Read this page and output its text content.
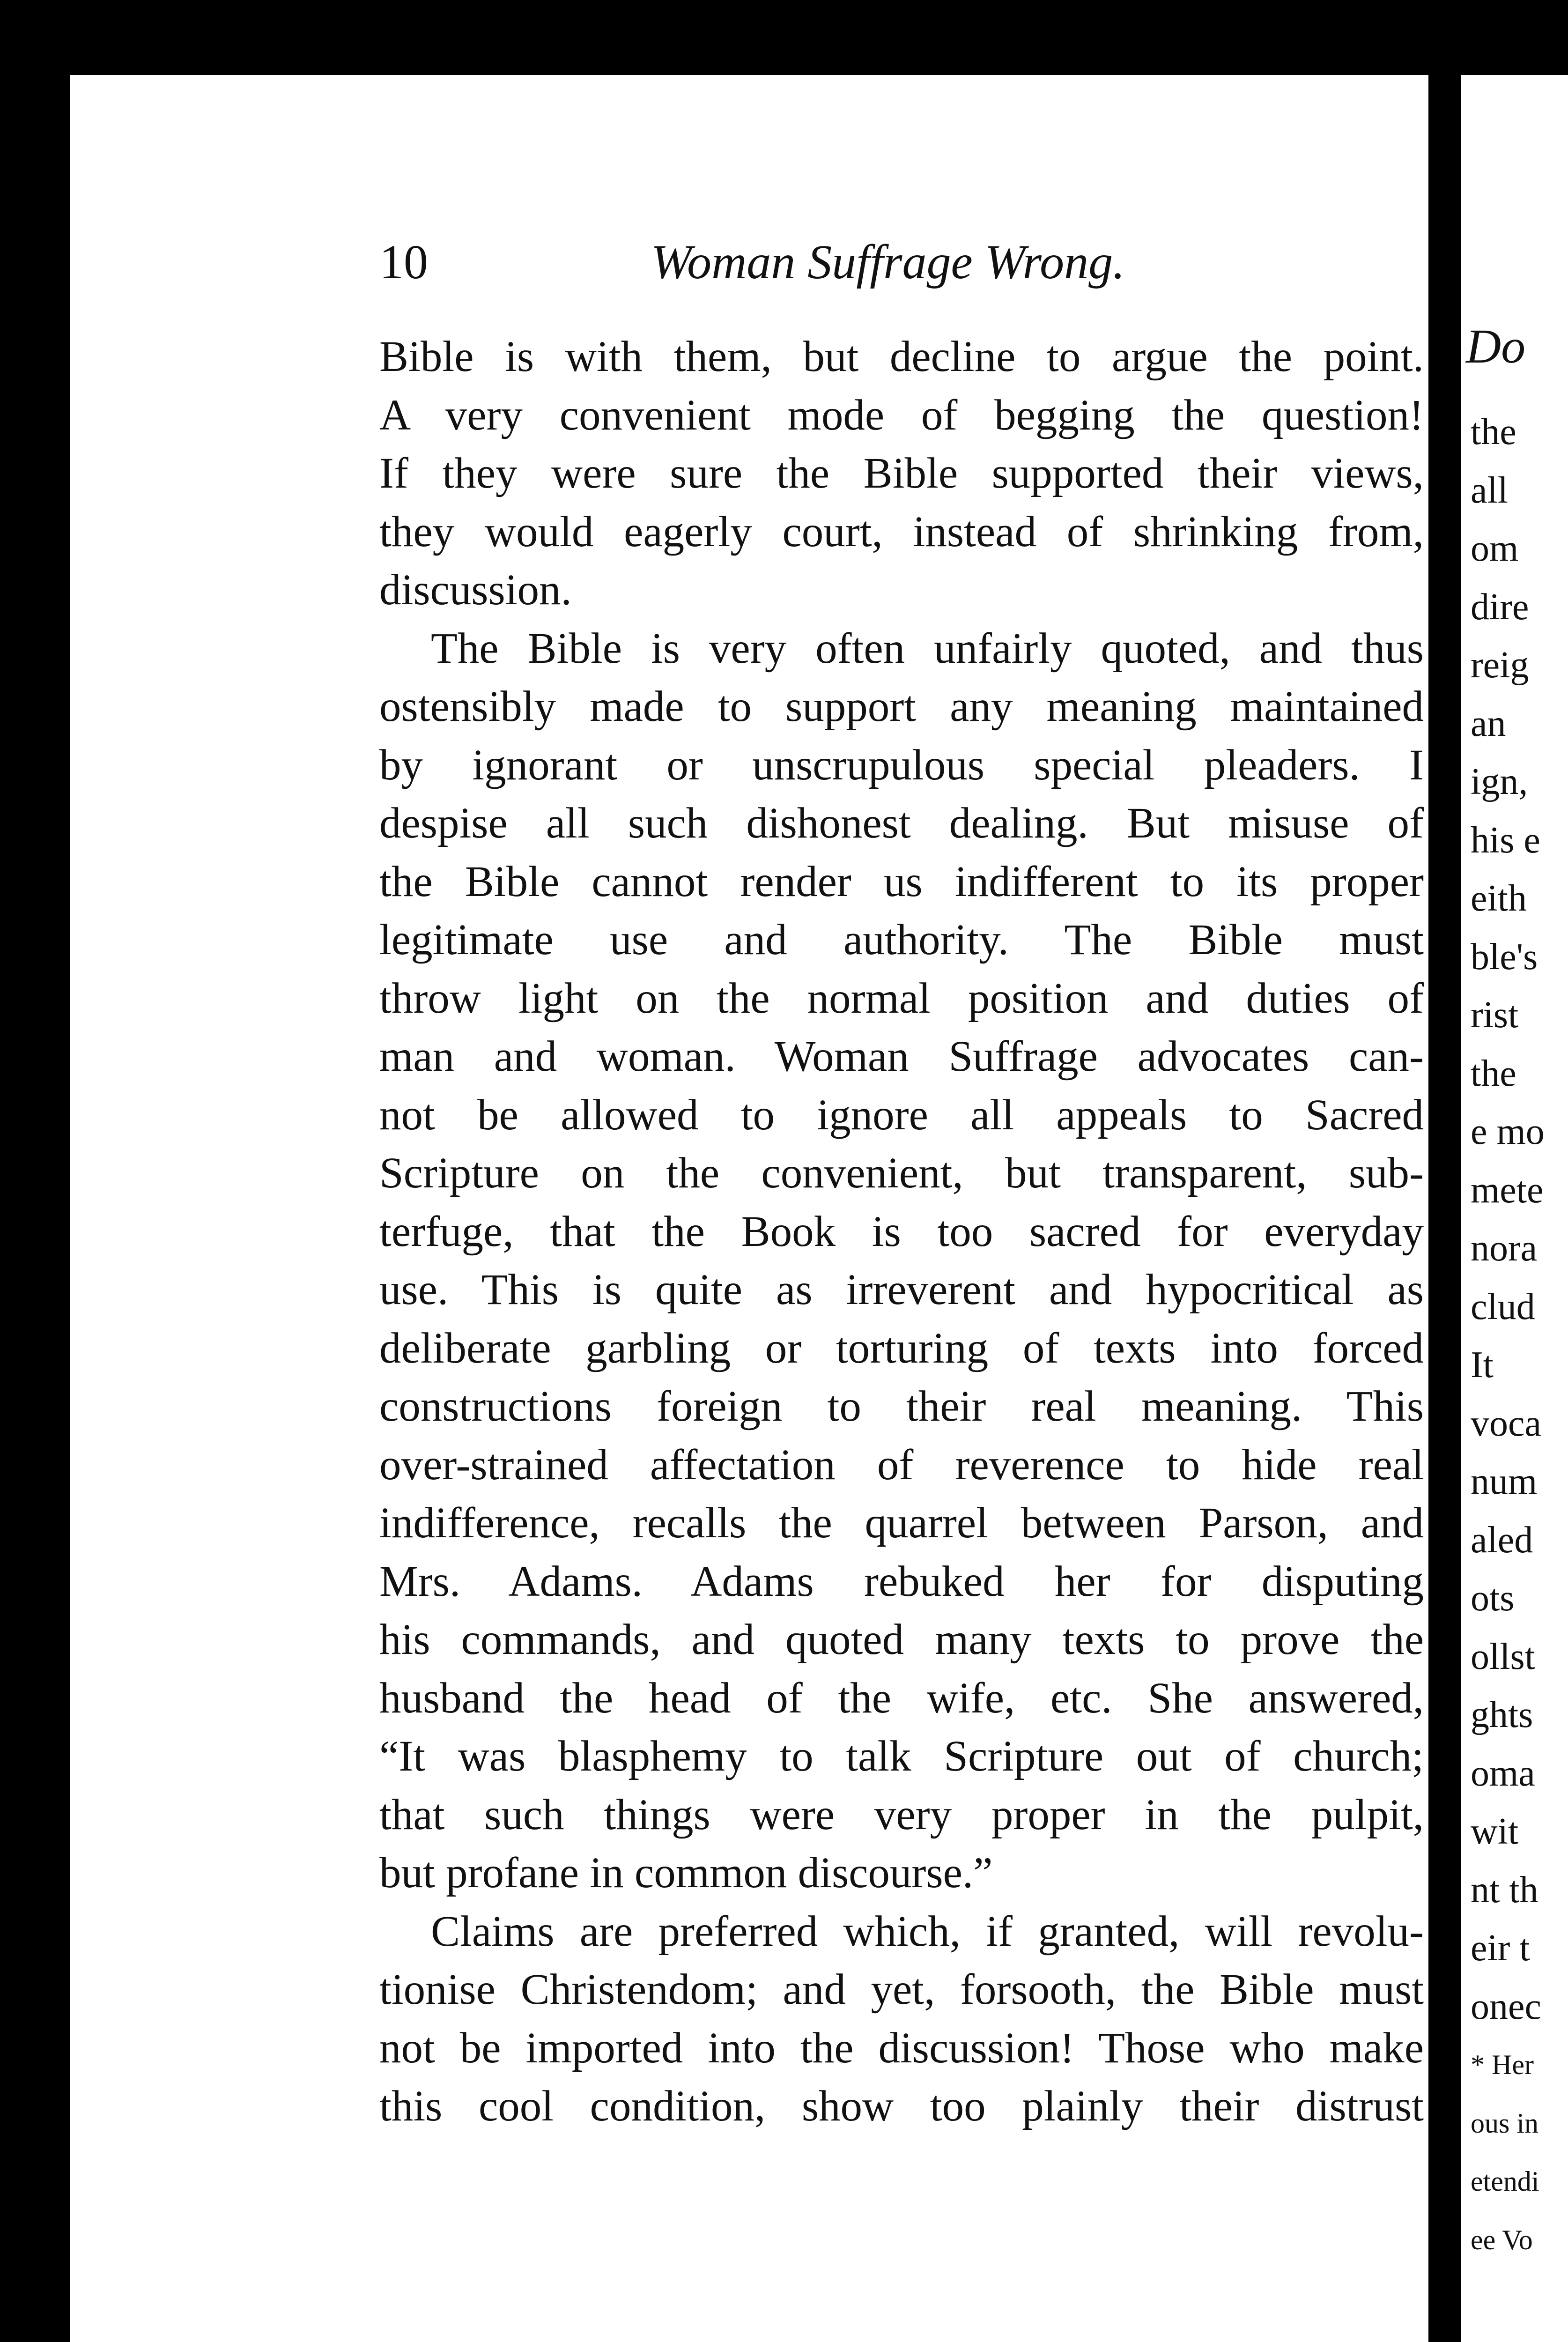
Do
the
all
om
dire
reig
an
ign,
his e
eith
ble's
rist
the
e mo
mete
nora
clud
It
voca
num
aled
ots
ollst
ghts
oma
wit
nt th
eir t
onec
* Her
ous in
etendi
ee Vo
10	Woman Suffrage Wrong.
Bible is with them, but decline to argue the point.
A very convenient mode of begging the question!
If they were sure the Bible supported their views,
they would eagerly court, instead of shrinking from,
discussion.
The Bible is very often unfairly quoted, and thus
ostensibly made to support any meaning maintained
by ignorant or unscrupulous special pleaders. I
despise all such dishonest dealing. But misuse of
the Bible cannot render us indifferent to its proper
legitimate use and authority. The Bible must
throw light on the normal position and duties of
man and woman. Woman Suffrage advocates can-
not be allowed to ignore all appeals to Sacred
Scripture on the convenient, but transparent, sub-
terfuge, that the Book is too sacred for everyday
use. This is quite as irreverent and hypocritical as
deliberate garbling or torturing of texts into forced
constructions foreign to their real meaning. This
over-strained affectation of reverence to hide real
indifference, recalls the quarrel between Parson, and
Mrs. Adams. Adams rebuked her for disputing
his commands, and quoted many texts to prove the
husband the head of the wife, etc. She answered,
“It was blasphemy to talk Scripture out of church;
that such things were very proper in the pulpit,
but profane in common discourse.”
Claims are preferred which, if granted, will revolu-
tionise Christendom; and yet, forsooth, the Bible must
not be imported into the discussion! Those who make
this cool condition, show too plainly their distrust
